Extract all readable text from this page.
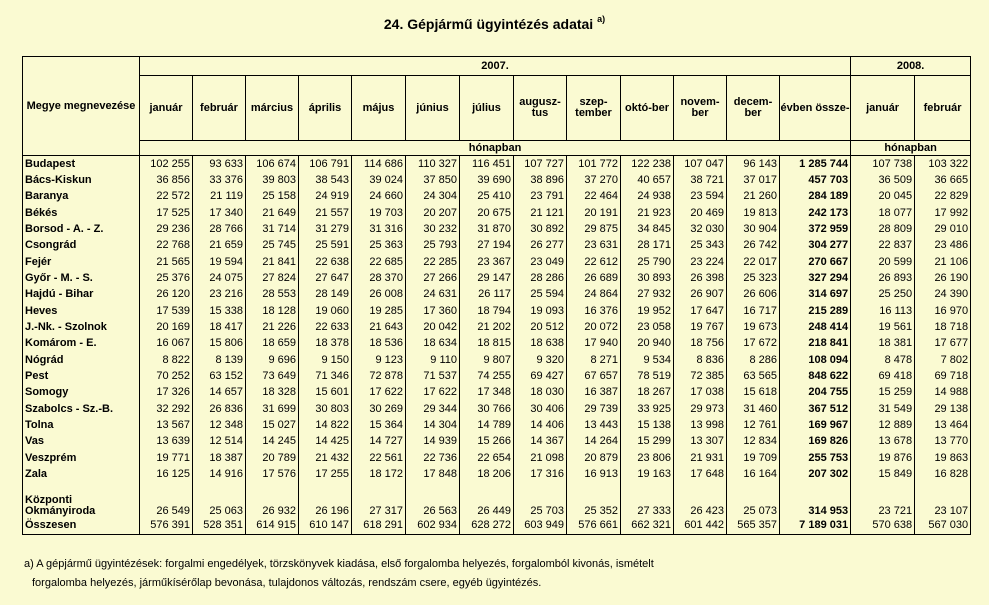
24. Gépjármű ügyintézés adatai $^{a)}$
Megye megnevezése	2007.													2008.	
	január	február	március	április	május	június	július	augusz-tus	szep-tember	októ-ber	novem-ber	decem-ber	évben össze-	január	február
	hónapban													hónapban	
Budapest	102 255	93 633	106 674	106 791	114 686	110 327	116 451	107 727	101 772	122 238	107 047	96 143	1 285 744	107 738	103 322
Bács-Kiskun	36 856	33 376	39 803	38 543	39 024	37 850	39 690	38 896	37 270	40 657	38 721	37 017	457 703	36 509	36 665
Baranya	22 572	21 119	25 158	24 919	24 660	24 304	25 410	23 791	22 464	24 938	23 594	21 260	284 189	20 045	22 829
Békés	17 525	17 340	21 649	21 557	19 703	20 207	20 675	21 121	20 191	21 923	20 469	19 813	242 173	18 077	17 992
Borsod - A. - Z.	29 236	28 766	31 714	31 279	31 316	30 232	31 870	30 892	29 875	34 845	32 030	30 904	372 959	28 809	29 010
Csongrád	22 768	21 659	25 745	25 591	25 363	25 793	27 194	26 277	23 631	28 171	25 343	26 742	304 277	22 837	23 486
Fejér	21 565	19 594	21 841	22 638	22 685	22 285	23 367	23 049	22 612	25 790	23 224	22 017	270 667	20 599	21 106
Győr - M. - S.	25 376	24 075	27 824	27 647	28 370	27 266	29 147	28 286	26 689	30 893	26 398	25 323	327 294	26 893	26 190
Hajdú - Bihar	26 120	23 216	28 553	28 149	26 008	24 631	26 117	25 594	24 864	27 932	26 907	26 606	314 697	25 250	24 390
Heves	17 539	15 338	18 128	19 060	19 285	17 360	18 794	19 093	16 376	19 952	17 647	16 717	215 289	16 113	16 970
J.-Nk. - Szolnok	20 169	18 417	21 226	22 633	21 643	20 042	21 202	20 512	20 072	23 058	19 767	19 673	248 414	19 561	18 718
Komárom - E.	16 067	15 806	18 659	18 378	18 536	18 634	18 815	18 638	17 940	20 940	18 756	17 672	218 841	18 381	17 677
Nógrád	8 822	8 139	9 696	9 150	9 123	9 110	9 807	9 320	8 271	9 534	8 836	8 286	108 094	8 478	7 802
Pest	70 252	63 152	73 649	71 346	72 878	71 537	74 255	69 427	67 657	78 519	72 385	63 565	848 622	69 418	69 718
Somogy	17 326	14 657	18 328	15 601	17 622	17 622	17 348	18 030	16 387	18 267	17 038	15 618	204 755	15 259	14 988
Szabolcs - Sz.-B.	32 292	26 836	31 699	30 803	30 269	29 344	30 766	30 406	29 739	33 925	29 973	31 460	367 512	31 549	29 138
Tolna	13 567	12 348	15 027	14 822	15 364	14 304	14 789	14 406	13 443	15 138	13 998	12 761	169 967	12 889	13 464
Vas	13 639	12 514	14 245	14 425	14 727	14 939	15 266	14 367	14 264	15 299	13 307	12 834	169 826	13 678	13 770
Veszprém	19 771	18 387	20 789	21 432	22 561	22 736	22 654	21 098	20 879	23 806	21 931	19 709	255 753	19 876	19 863
Zala	16 125	14 916	17 576	17 255	18 172	17 848	18 206	17 316	16 913	19 163	17 648	16 164	207 302	15 849	16 828
Központi
Okmányiroda	26 549	25 063	26 932	26 196	27 317	26 563	26 449	25 703	25 352	27 333	26 423	25 073	314 953	23 721	23 107
Összesen	576 391	528 351	614 915	610 147	618 291	602 934	628 272	603 949	576 661	662 321	601 442	565 357	7 189 031	570 638	567 030
a) A gépjármű ügyintézések: forgalmi engedélyek, törzskönyvek kiadása, első forgalomba helyezés, forgalomból kivonás, ismételt
forgalomba helyezés, járműkísérőlap bevonása, tulajdonos változás, rendszám csere, egyéb ügyintézés.
